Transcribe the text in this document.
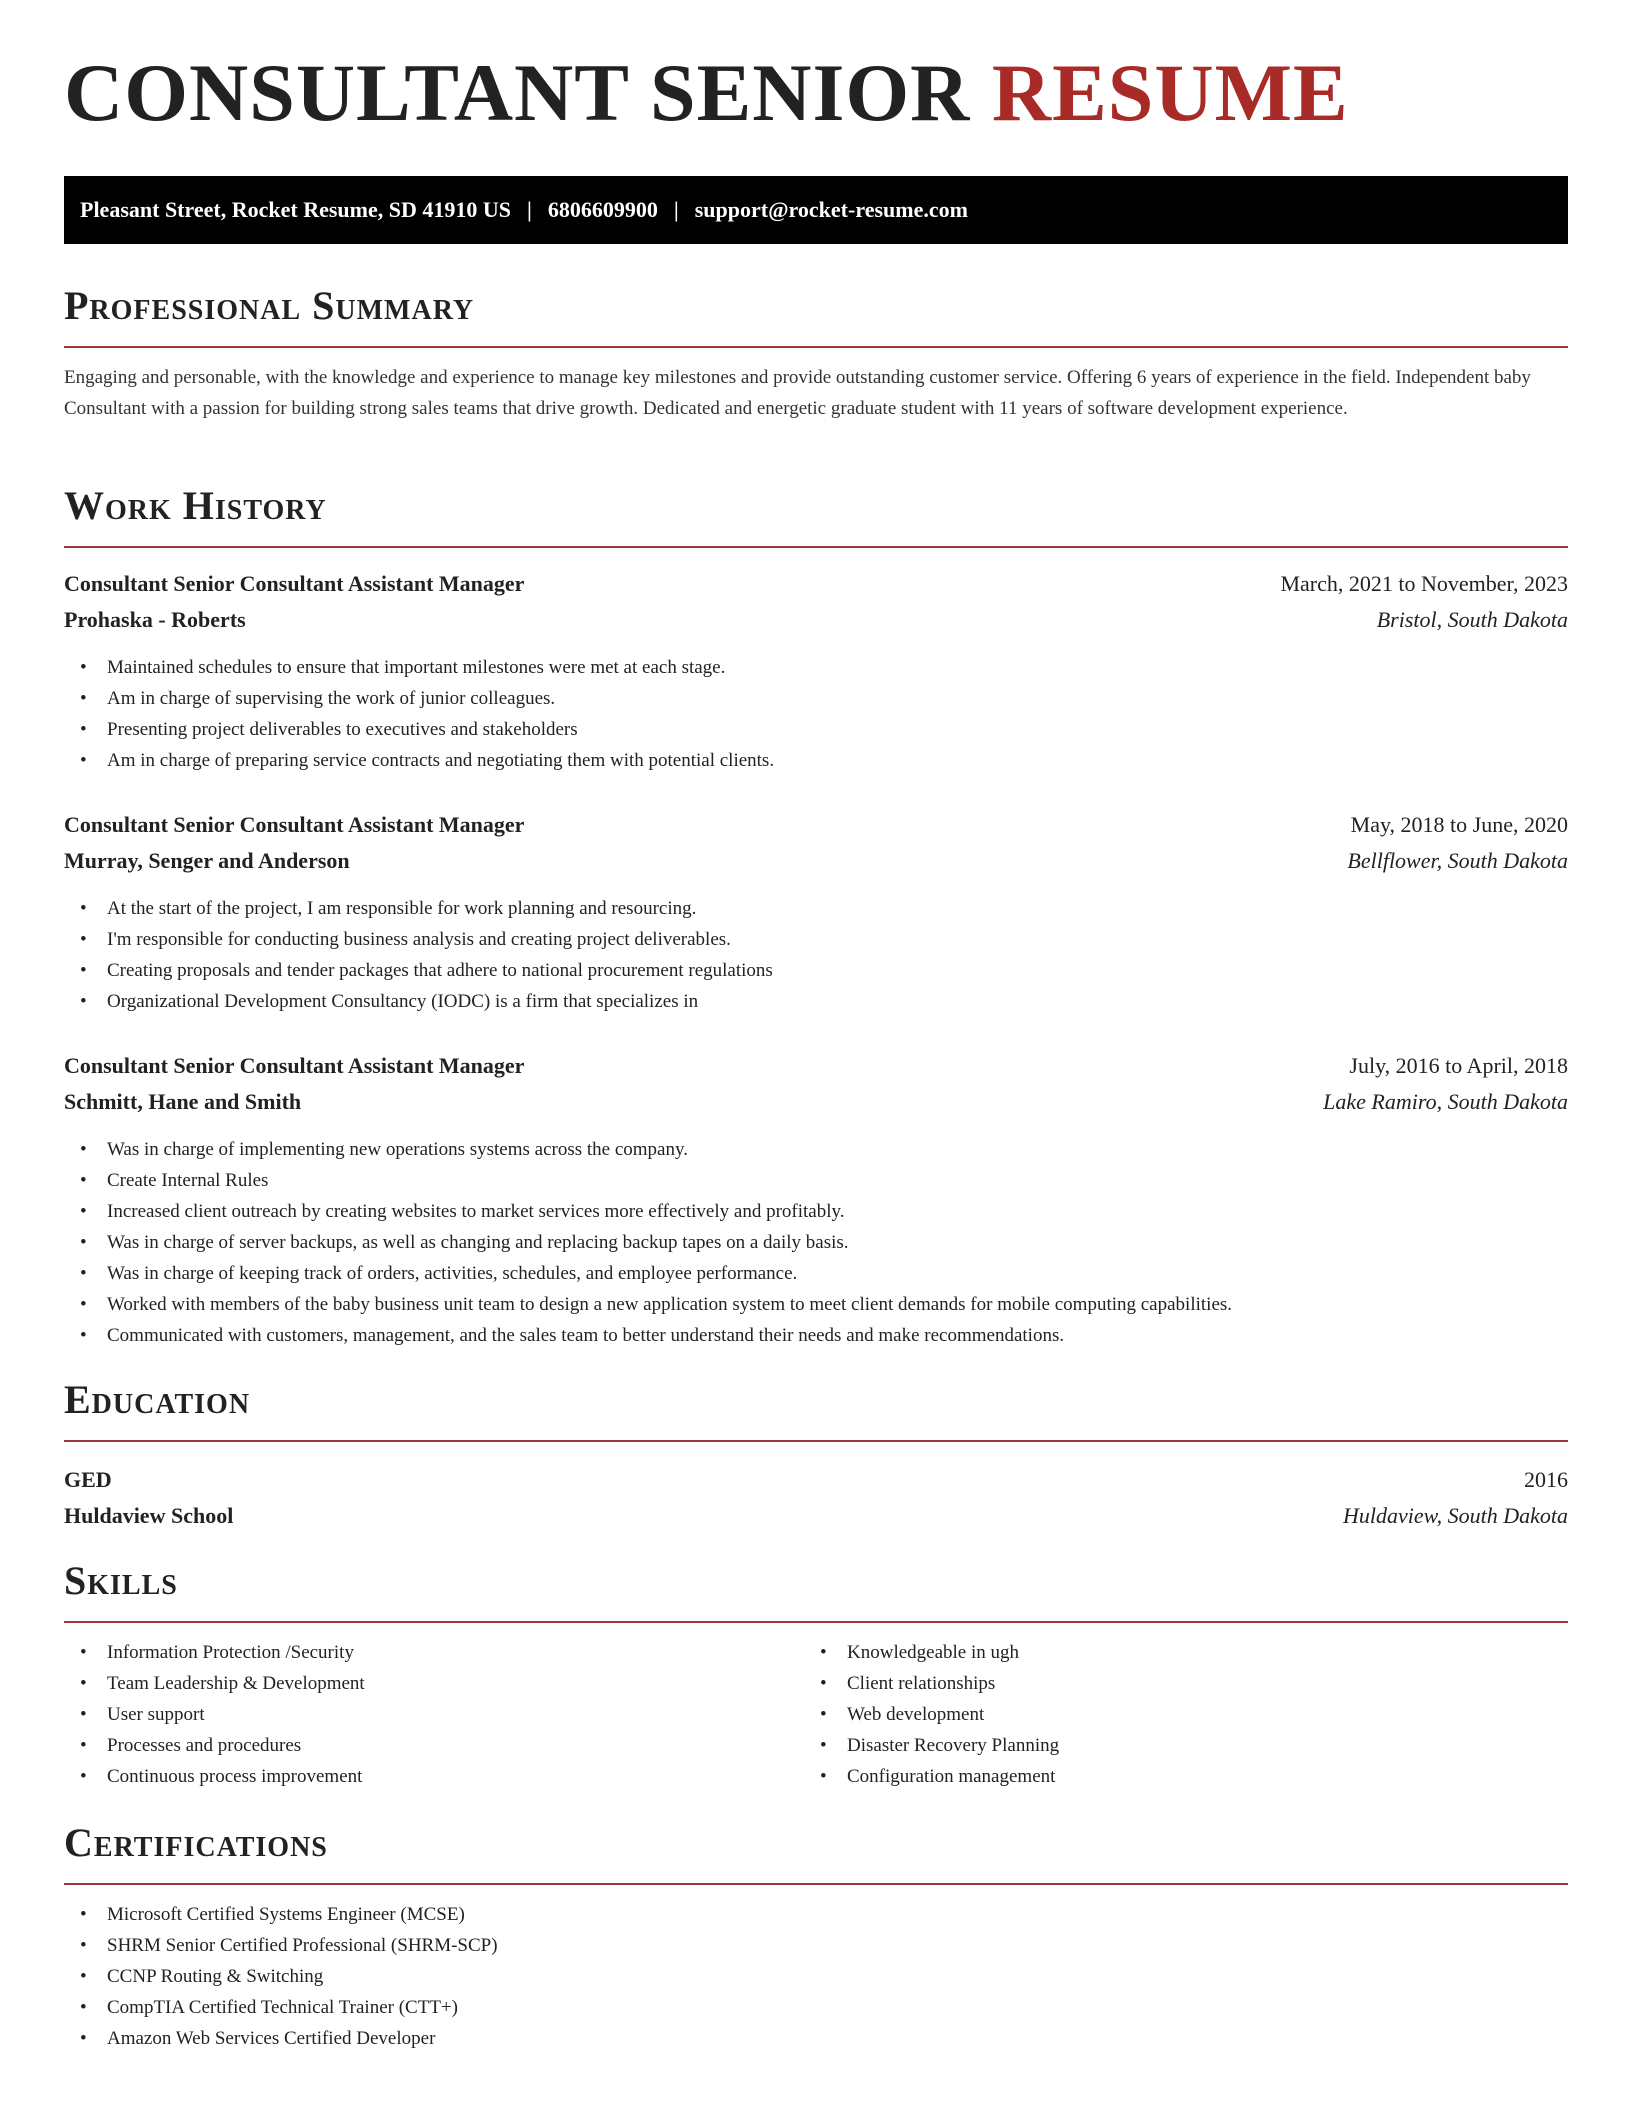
CONSULTANT SENIOR RESUME
Pleasant Street, Rocket Resume, SD 41910 US | 6806609900 | support@rocket-resume.com
Professional Summary

Engaging and personable, with the knowledge and experience to manage key milestones and provide outstanding customer service. Offering 6 years of experience in the field. Independent baby Consultant with a passion for building strong sales teams that drive growth. Dedicated and energetic graduate student with 11 years of software development experience.

Work History
Consultant Senior Consultant Assistant Manager	March, 2021 to November, 2023
Prohaska - Roberts	Bristol, South Dakota
• Maintained schedules to ensure that important milestones were met at each stage.
• Am in charge of supervising the work of junior colleagues.
• Presenting project deliverables to executives and stakeholders
• Am in charge of preparing service contracts and negotiating them with potential clients.
Consultant Senior Consultant Assistant Manager	May, 2018 to June, 2020
Murray, Senger and Anderson	Bellflower, South Dakota
• At the start of the project, I am responsible for work planning and resourcing.
• I'm responsible for conducting business analysis and creating project deliverables.
• Creating proposals and tender packages that adhere to national procurement regulations
• Organizational Development Consultancy (IODC) is a firm that specializes in
Consultant Senior Consultant Assistant Manager	July, 2016 to April, 2018
Schmitt, Hane and Smith	Lake Ramiro, South Dakota
• Was in charge of implementing new operations systems across the company.
• Create Internal Rules
• Increased client outreach by creating websites to market services more effectively and profitably.
• Was in charge of server backups, as well as changing and replacing backup tapes on a daily basis.
• Was in charge of keeping track of orders, activities, schedules, and employee performance.
• Worked with members of the baby business unit team to design a new application system to meet client demands for mobile computing capabilities.
• Communicated with customers, management, and the sales team to better understand their needs and make recommendations.
Education
GED	2016
Huldaview School	Huldaview, South Dakota
Skills
• Information Protection /Security
• Team Leadership & Development
• User support
• Processes and procedures
• Continuous process improvement
• Knowledgeable in ugh
• Client relationships
• Web development
• Disaster Recovery Planning
• Configuration management
Certifications
• Microsoft Certified Systems Engineer (MCSE)
• SHRM Senior Certified Professional (SHRM-SCP)
• CCNP Routing & Switching
• CompTIA Certified Technical Trainer (CTT+)
• Amazon Web Services Certified Developer
